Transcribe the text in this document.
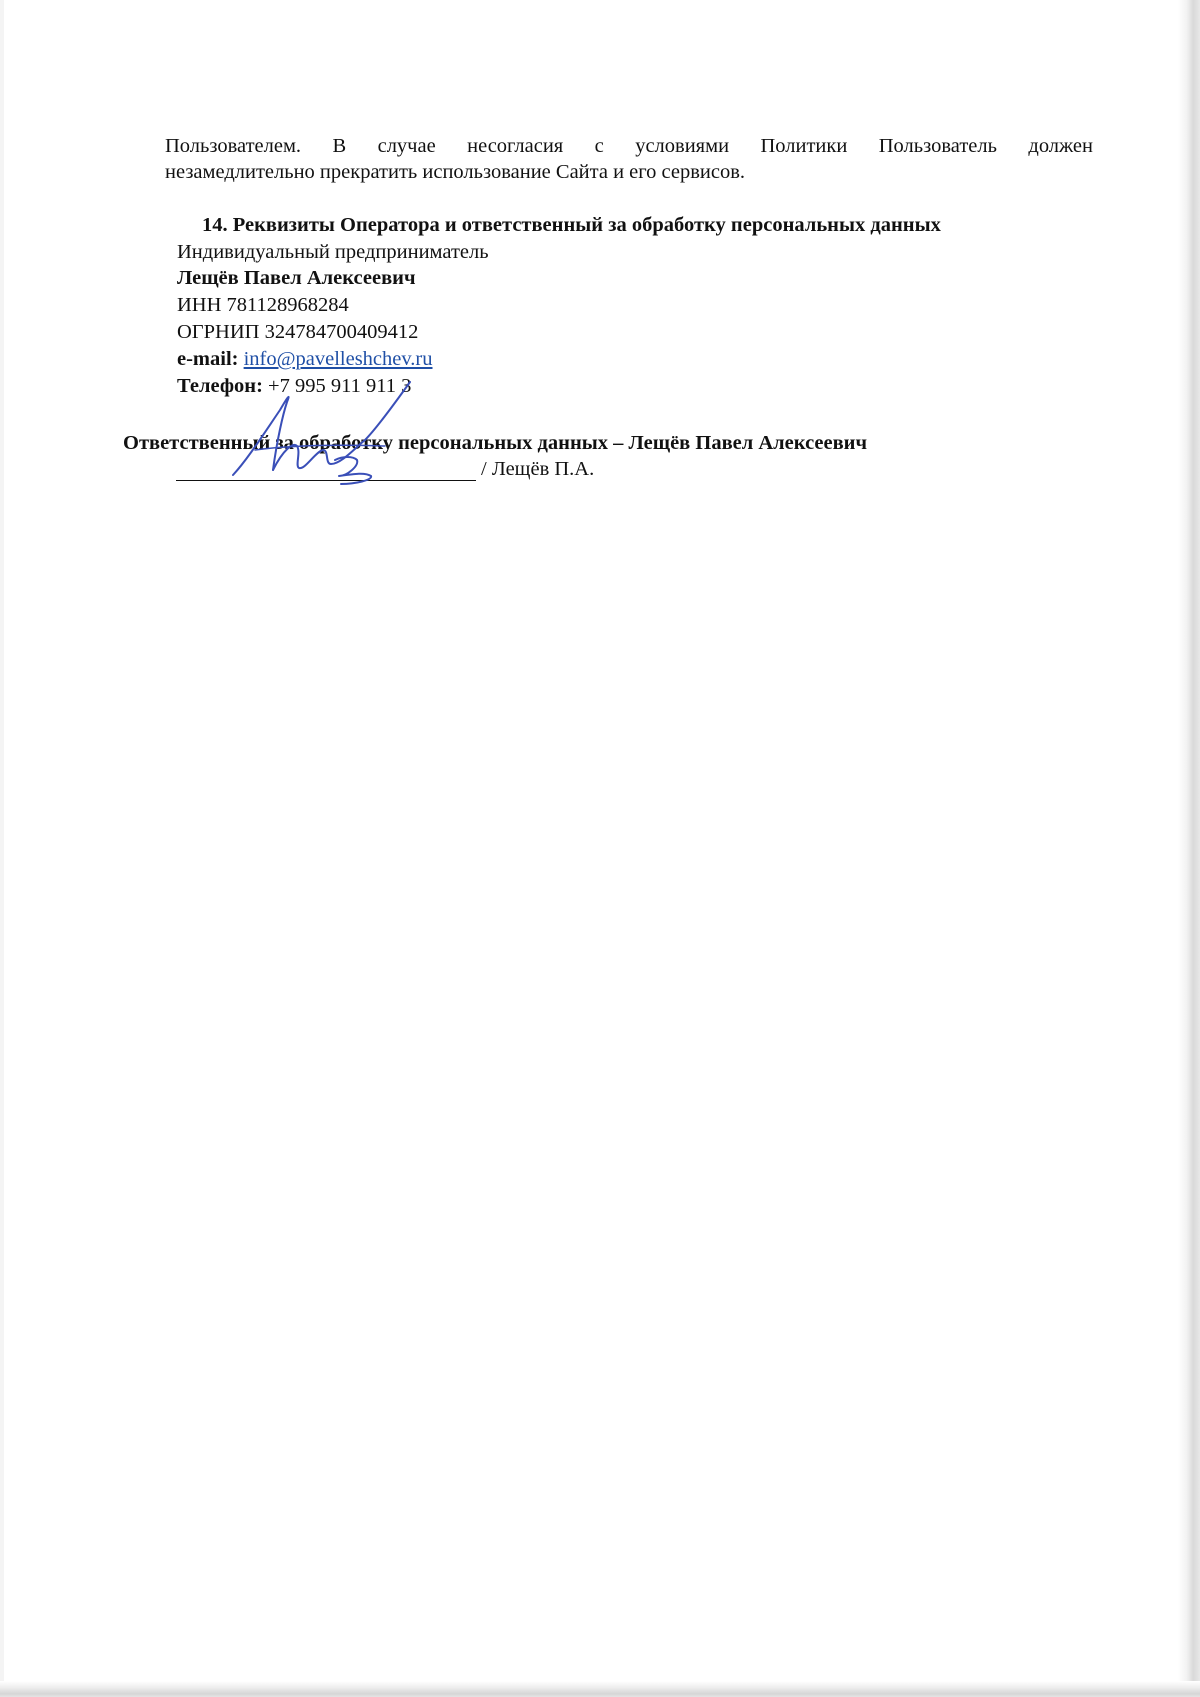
Пользователем. В случае несогласия с условиями Политики Пользователь должен
незамедлительно прекратить использование Сайта и его сервисов.
14. Реквизиты Оператора и ответственный за обработку персональных данных
Индивидуальный предприниматель
Лещёв Павел Алексеевич
ИНН 781128968284
ОГРНИП 324784700409412
e-mail: info@pavelleshchev.ru
Телефон: +7 995 911 911 3
Ответственный за обработку персональных данных – Лещёв Павел Алексеевич
/ Лещёв П.А.
